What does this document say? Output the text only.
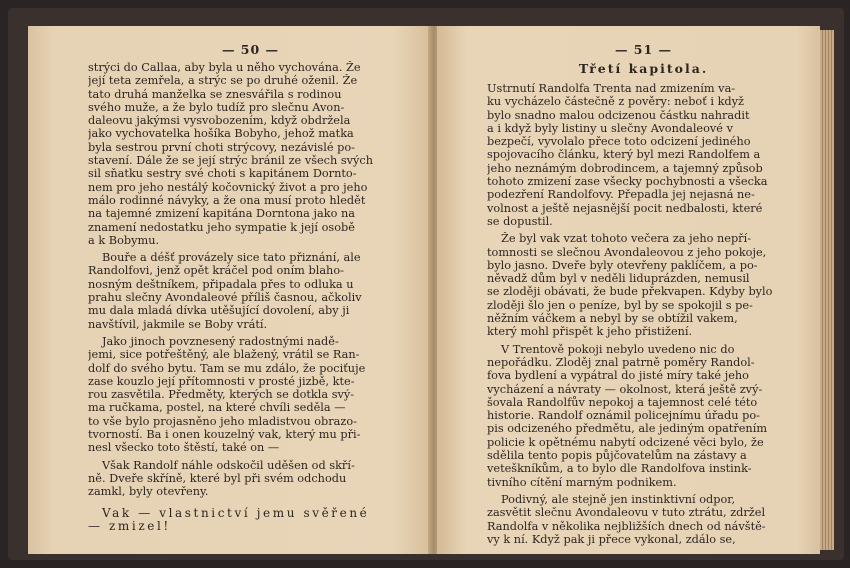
— 50 —
strýci do Callaa, aby byla u něho vychována. Že
její teta zemřela, a strýc se po druhé oženil. Že
tato druhá manželka se znesvářila s rodinou
svého muže, a že bylo tudíž pro slečnu Avon-
daleovu jakýmsi vysvobozením, když obdržela
jako vychovatelka hošíka Bobyho, jehož matka
byla sestrou první choti strýcovy, nezávislé po-
stavení. Dále že se její strýc bránil ze všech svých
sil sňatku sestry své choti s kapitánem Dornto-
nem pro jeho nestálý kočovnický život a pro jeho
málo rodinné návyky, a že ona musí proto hledět
na tajemné zmizení kapitána Dorntona jako na
znamení nedostatku jeho sympatie k její osobě
a k Bobymu.
Bouře a déšť provázely sice tato přiznání, ale
Randolfovi, jenž opět kráčel pod oním blaho-
nosným deštníkem, připadala přes to odluka u
prahu slečny Avondaleové příliš časnou, ačkoliv
mu dala mladá dívka utěšující dovolení, aby ji
navštívil, jakmile se Boby vrátí.
Jako jinoch povznesený radostnými nadě-
jemi, sice potřeštěný, ale blažený, vrátil se Ran-
dolf do svého bytu. Tam se mu zdálo, že pociťuje
zase kouzlo její přítomnosti v prosté jizbě, kte-
rou zasvětila. Předměty, kterých se dotkla svý-
ma ručkama, postel, na které chvíli seděla —
to vše bylo projasněno jeho mladistvou obrazo-
tvorností. Ba i onen kouzelný vak, který mu při-
nesl všecko toto štěstí, také on —
Však Randolf náhle odskočil uděšen od skří-
ně. Dveře skříně, které byl při svém odchodu
zamkl, byly otevřeny.
Vak — vlastnictví jemu svěřené
— zmizel!
— 51 —
Třetí kapitola.
Ustrnutí Randolfa Trenta nad zmizením va-
ku vycházelo částečně z pověry: neboť i když
bylo snadno malou odcizenou částku nahradit
a i když byly listiny u slečny Avondaleové v
bezpečí, vyvolalo přece toto odcizení jediného
spojovacího článku, který byl mezi Randolfem a
jeho neznámým dobrodincem, a tajemný způsob
tohoto zmizení zase všecky pochybnosti a všecka
podezření Randolfovy. Přepadla jej nejasná ne-
volnost a ještě nejasnější pocit nedbalosti, které
se dopustil.
Že byl vak vzat tohoto večera za jeho nepří-
tomnosti se slečnou Avondaleovou z jeho pokoje,
bylo jasno. Dveře byly otevřeny paklíčem, a po-
něvadž dům byl v neděli liduprázden, nemusil
se zloději obávati, že bude překvapen. Kdyby bylo
zloději šlo jen o peníze, byl by se spokojil s pe-
něžním váčkem a nebyl by se obtížil vakem,
který mohl přispět k jeho přistižení.
V Trentově pokoji nebylo uvedeno nic do
nepořádku. Zloděj znal patrně poměry Randol-
fova bydlení a vypátral do jisté míry také jeho
vycházení a návraty — okolnost, která ještě zvý-
šovala Randolfův nepokoj a tajemnost celé této
historie. Randolf oznámil policejnímu úřadu po-
pis odcizeného předmětu, ale jediným opatřením
policie k opětnému nabytí odcizené věci bylo, že
sdělila tento popis půjčovatelům na zástavy a
veteškníkům, a to bylo dle Randolfova instink-
tivního cítění marným podnikem.
Podivný, ale stejně jen instinktivní odpor,
zasvětit slečnu Avondaleovu v tuto ztrátu, zdržel
Randolfa v několika nejbližších dnech od návště-
vy k ní. Když pak ji přece vykonal, zdálo se,
